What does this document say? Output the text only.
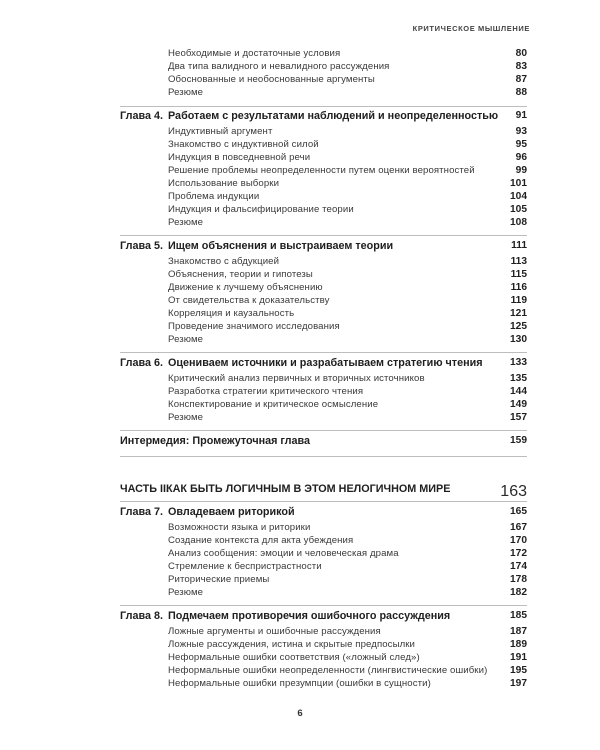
КРИТИЧЕСКОЕ МЫШЛЕНИЕ
Необходимые и достаточные условия	80
Два типа валидного и невалидного рассуждения	83
Обоснованные и необоснованные аргументы	87
Резюме	88
Глава 4. Работаем с результатами наблюдений и неопределенностью 91
Индуктивный аргумент	93
Знакомство с индуктивной силой	95
Индукция в повседневной речи	96
Решение проблемы неопределенности путем оценки вероятностей	99
Использование выборки	101
Проблема индукции	104
Индукция и фальсифицирование теории	105
Резюме	108
Глава 5. Ищем объяснения и выстраиваем теории	111
Знакомство с абдукцией	113
Объяснения, теории и гипотезы	115
Движение к лучшему объяснению	116
От свидетельства к доказательству	119
Корреляция и каузальность	121
Проведение значимого исследования	125
Резюме	130
Глава 6. Оцениваем источники и разрабатываем стратегию чтения	133
Критический анализ первичных и вторичных источников	135
Разработка стратегии критического чтения	144
Конспектирование и критическое осмысление	149
Резюме	157
Интермедия: Промежуточная глава	159
ЧАСТЬ II.КАК БЫТЬ ЛОГИЧНЫМ В ЭТОМ НЕЛОГИЧНОМ МИРЕ	163
Глава 7. Овладеваем риторикой	165
Возможности языка и риторики	167
Создание контекста для акта убеждения	170
Анализ сообщения: эмоции и человеческая драма	172
Стремление к беспристрастности	174
Риторические приемы	178
Резюме	182
Глава 8. Подмечаем противоречия ошибочного рассуждения	185
Ложные аргументы и ошибочные рассуждения	187
Ложные рассуждения, истина и скрытые предпосылки	189
Неформальные ошибки соответствия («ложный след»)	191
Неформальные ошибки неопределенности (лингвистические ошибки) 195
Неформальные ошибки презумпции (ошибки в сущности)	197
6
